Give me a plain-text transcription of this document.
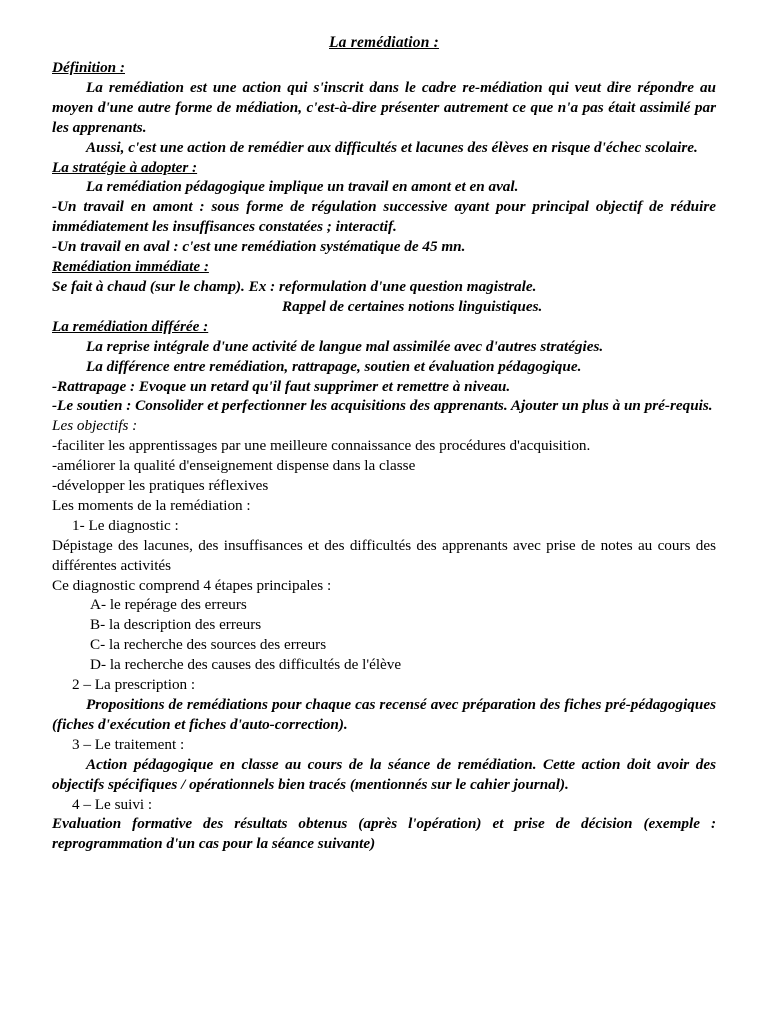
La remédiation :

Définition :

La remédiation est une action qui s'inscrit dans le cadre re-médiation qui veut dire répondre au moyen d'une autre forme de médiation, c'est-à-dire présenter autrement ce que n'a pas était assimilé par les apprenants.

Aussi, c'est une action de remédier aux difficultés et lacunes des élèves en risque d'échec scolaire.

La stratégie à adopter :

La remédiation pédagogique implique un travail en amont et en aval.

-Un travail en amont : sous forme de régulation successive ayant pour principal objectif de réduire immédiatement les insuffisances constatées ; interactif.

-Un travail en aval : c'est une remédiation systématique de 45 mn.

Remédiation immédiate :

Se fait à chaud (sur le champ). Ex : reformulation d'une question magistrale.

Rappel de certaines notions linguistiques.

La remédiation différée :

La reprise intégrale d'une activité de langue mal assimilée avec d'autres stratégies.

La différence entre remédiation, rattrapage, soutien et évaluation pédagogique.

-Rattrapage : Evoque un retard qu'il faut supprimer et remettre à niveau.

-Le soutien : Consolider et perfectionner les acquisitions des apprenants. Ajouter un plus à un pré-requis.

Les objectifs :

-faciliter les apprentissages par une meilleure connaissance des procédures d'acquisition.

-améliorer la qualité d'enseignement dispense dans la classe

-développer les pratiques réflexives

Les moments de la remédiation :

1- Le diagnostic :

Dépistage des lacunes, des insuffisances et des difficultés des apprenants avec prise de notes au cours des différentes activités

Ce diagnostic comprend 4 étapes principales :

A- le repérage des erreurs

B- la description des erreurs

C- la recherche des sources des erreurs

D- la recherche des causes des difficultés de l'élève

2 – La prescription :

Propositions de remédiations pour chaque cas recensé avec préparation des fiches pré-pédagogiques (fiches d'exécution et fiches d'auto-correction).

3 – Le traitement :

Action pédagogique en classe au cours de la séance de remédiation. Cette action doit avoir des objectifs spécifiques / opérationnels bien tracés (mentionnés sur le cahier journal).

4 – Le suivi :

Evaluation formative des résultats obtenus (après l'opération) et prise de décision (exemple : reprogrammation d'un cas pour la séance suivante)
